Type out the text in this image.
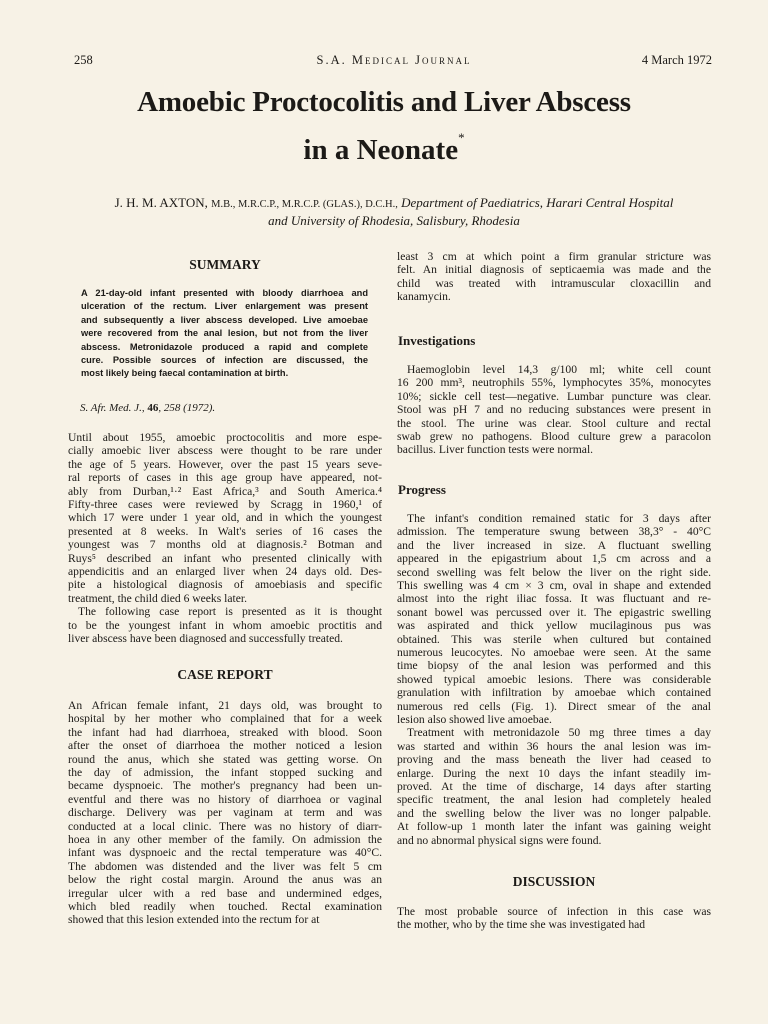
258	S.A. Medical Journal	4 March 1972
Amoebic Proctocolitis and Liver Abscess
in a Neonate*
J. H. M. AXTON, M.B., M.R.C.P., M.R.C.P. (GLAS.), D.C.H., Department of Paediatrics, Harari Central Hospital
and University of Rhodesia, Salisbury, Rhodesia
SUMMARY
A 21-day-old infant presented with bloody diarrhoea and
ulceration of the rectum. Liver enlargement was present
and subsequently a liver abscess developed. Live amoebae
were recovered from the anal lesion, but not from the liver
abscess. Metronidazole produced a rapid and complete
cure. Possible sources of infection are discussed, the
most likely being faecal contamination at birth.
S. Afr. Med. J., 46, 258 (1972).
Until about 1955, amoebic proctocolitis and more espe-
cially amoebic liver abscess were thought to be rare under
the age of 5 years. However, over the past 15 years seve-
ral reports of cases in this age group have appeared, not-
ably from Durban,¹·² East Africa,³ and South America.⁴
Fifty-three cases were reviewed by Scragg in 1960,¹ of
which 17 were under 1 year old, and in which the youngest
presented at 8 weeks. In Walt's series of 16 cases the
youngest was 7 months old at diagnosis.² Botman and
Ruys⁵ described an infant who presented clinically with
appendicitis and an enlarged liver when 24 days old. Des-
pite a histological diagnosis of amoebiasis and specific
treatment, the child died 6 weeks later.
The following case report is presented as it is thought
to be the youngest infant in whom amoebic proctitis and
liver abscess have been diagnosed and successfully treated.
CASE REPORT
An African female infant, 21 days old, was brought to
hospital by her mother who complained that for a week
the infant had had diarrhoea, streaked with blood. Soon
after the onset of diarrhoea the mother noticed a lesion
round the anus, which she stated was getting worse. On
the day of admission, the infant stopped sucking and
became dyspnoeic. The mother's pregnancy had been un-
eventful and there was no history of diarrhoea or vaginal
discharge. Delivery was per vaginam at term and was
conducted at a local clinic. There was no history of diarr-
hoea in any other member of the family. On admission the
infant was dyspnoeic and the rectal temperature was 40°C.
The abdomen was distended and the liver was felt 5 cm
below the right costal margin. Around the anus was an
irregular ulcer with a red base and undermined edges,
which bled readily when touched. Rectal examination
showed that this lesion extended into the rectum for at
least 3 cm at which point a firm granular stricture was
felt. An initial diagnosis of septicaemia was made and the
child was treated with intramuscular cloxacillin and
kanamycin.
Investigations
Haemoglobin level 14,3 g/100 ml; white cell count
16 200 mm³, neutrophils 55%, lymphocytes 35%, monocytes
10%; sickle cell test—negative. Lumbar puncture was clear.
Stool was pH 7 and no reducing substances were present in
the stool. The urine was clear. Stool culture and rectal
swab grew no pathogens. Blood culture grew a paracolon
bacillus. Liver function tests were normal.
Progress
The infant's condition remained static for 3 days after
admission. The temperature swung between 38,3° - 40°C
and the liver increased in size. A fluctuant swelling
appeared in the epigastrium about 1,5 cm across and a
second swelling was felt below the liver on the right side.
This swelling was 4 cm × 3 cm, oval in shape and extended
almost into the right iliac fossa. It was fluctuant and re-
sonant bowel was percussed over it. The epigastric swelling
was aspirated and thick yellow mucilaginous pus was
obtained. This was sterile when cultured but contained
numerous leucocytes. No amoebae were seen. At the same
time biopsy of the anal lesion was performed and this
showed typical amoebic lesions. There was considerable
granulation with infiltration by amoebae which contained
numerous red cells (Fig. 1). Direct smear of the anal
lesion also showed live amoebae.
Treatment with metronidazole 50 mg three times a day
was started and within 36 hours the anal lesion was im-
proving and the mass beneath the liver had ceased to
enlarge. During the next 10 days the infant steadily im-
proved. At the time of discharge, 14 days after starting
specific treatment, the anal lesion had completely healed
and the swelling below the liver was no longer palpable.
At follow-up 1 month later the infant was gaining weight
and no abnormal physical signs were found.
DISCUSSION
The most probable source of infection in this case was
the mother, who by the time she was investigated had
